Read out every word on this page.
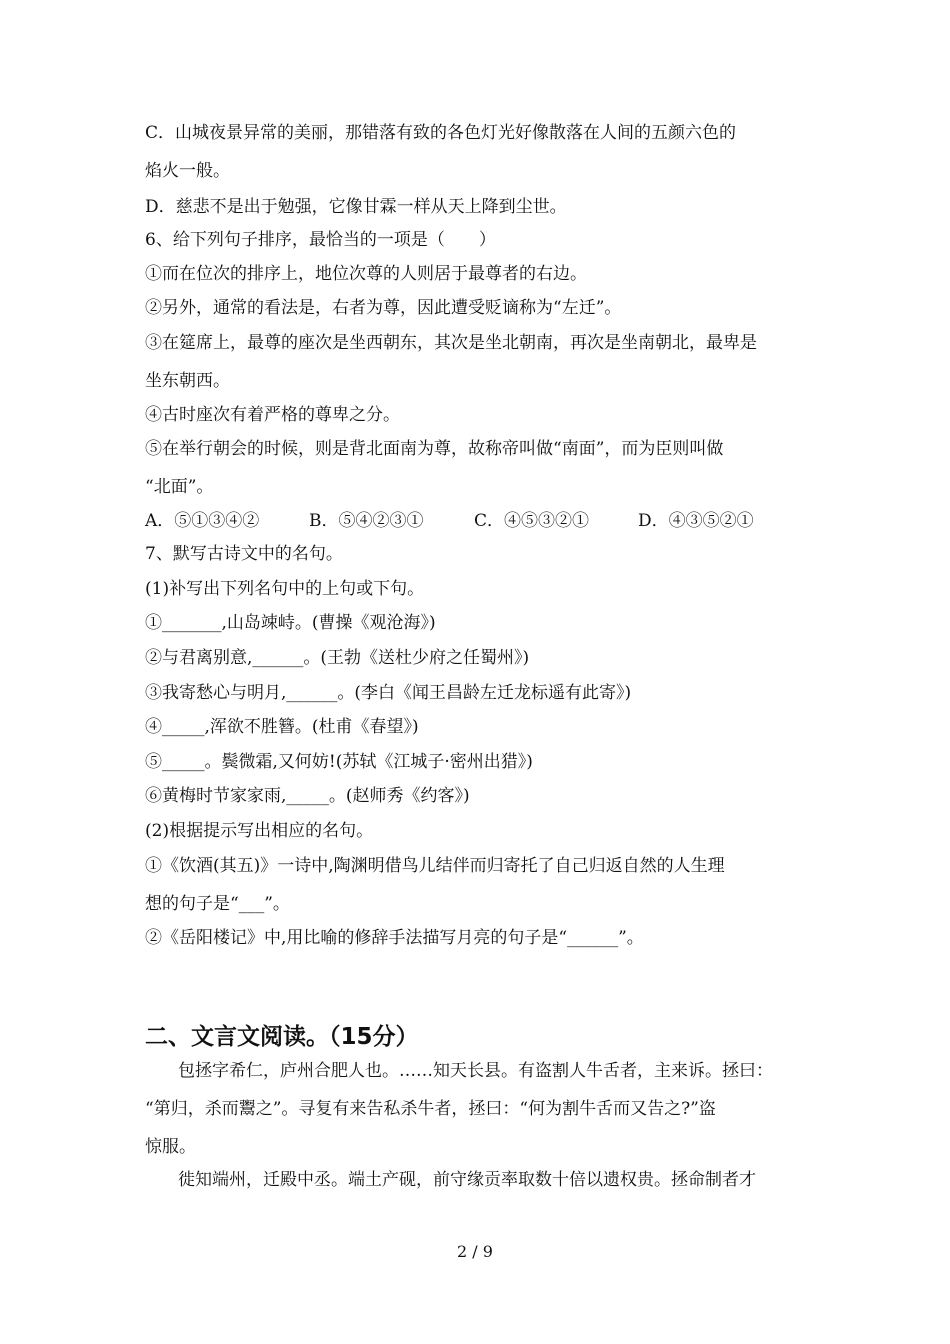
C．山城夜景异常的美丽，那错落有致的各色灯光好像散落在人间的五颜六色的
焰火一般。
D．慈悲不是出于勉强，它像甘霖一样从天上降到尘世。
6、给下列句子排序，最恰当的一项是（　　）
①而在位次的排序上，地位次尊的人则居于最尊者的右边。
②另外，通常的看法是，右者为尊，因此遭受贬谪称为“左迁”。
③在筵席上，最尊的座次是坐西朝东，其次是坐北朝南，再次是坐南朝北，最卑是
坐东朝西。
④古时座次有着严格的尊卑之分。
⑤在举行朝会的时候，则是背北面南为尊，故称帝叫做“南面”，而为臣则叫做
“北面”。
A．⑤①③④②	B．⑤④②③①	C．④⑤③②①	D．④③⑤②①
7、默写古诗文中的名句。
(1)补写出下列名句中的上句或下句。
①_______,山岛竦峙。(曹操《观沧海》)
②与君离别意,______。(王勃《送杜少府之任蜀州》)
③我寄愁心与明月,______。(李白《闻王昌龄左迁龙标遥有此寄》)
④_____,浑欲不胜簪。(杜甫《春望》)
⑤_____。鬓微霜,又何妨!(苏轼《江城子·密州出猎》)
⑥黄梅时节家家雨,_____。(赵师秀《约客》)
(2)根据提示写出相应的名句。
①《饮酒(其五)》一诗中,陶渊明借鸟儿结伴而归寄托了自己归返自然的人生理
想的句子是“___”。
②《岳阳楼记》中,用比喻的修辞手法描写月亮的句子是“______”。
二、文言文阅读。（15分）
包拯字希仁，庐州合肥人也。……知天长县。有盗割人牛舌者，主来诉。拯曰：
“第归，杀而鬻之”。寻复有来告私杀牛者，拯曰：“何为割牛舌而又告之?”盗
惊服。
徙知端州，迁殿中丞。端土产砚，前守缘贡率取数十倍以遗权贵。拯命制者才
2 / 9
